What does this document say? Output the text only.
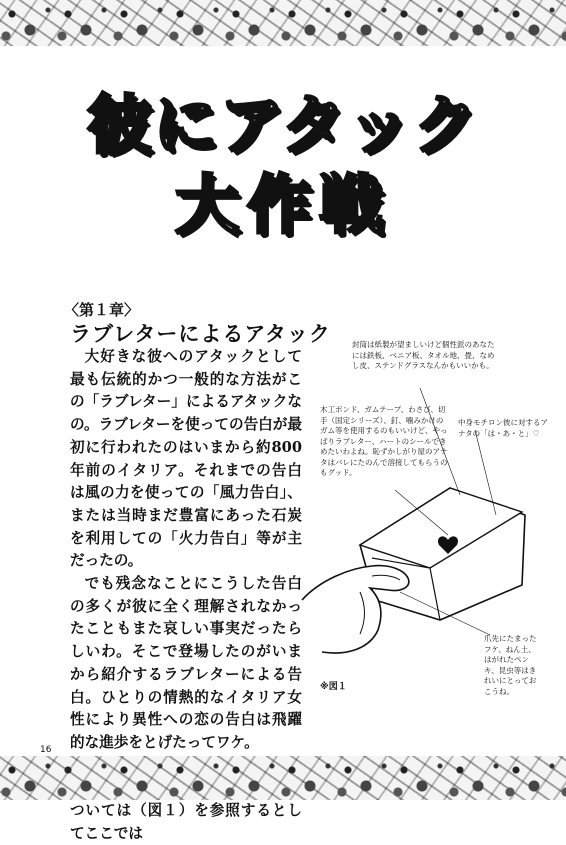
彼にアタック
大作戦
〈第１章〉
ラブレターによるアタック

大好きな彼へのアタックとして最も伝統的かつ一般的な方法がこの「ラブレター」によるアタックなの。ラブレターを使っての告白が最初に行われたのはいまから約800年前のイタリア。それまでの告白は風の力を使っての「風力告白」、または当時まだ豊富にあった石炭を利用しての「火力告白」等が主だったの。

でも残念なことにこうした告白の多くが彼に全く理解されなかったこともまた哀しい事実だったらしいわ。そこで登場したのがいまから紹介するラブレターによる告白。ひとりの情熱的なイタリア女性により異性への恋の告白は飛躍的な進歩をとげたってワケ。

ついては（図１）を参照するとしてここでは

封筒は紙製が望ましいけど個性派のあなたには鉄板、ベニア板、タオル地、畳、なめし皮、ステンドグラスなんかもいいかも。
木工ボンド、ガムテープ、わさび、切手（国定シリーズ）、釘、噛みかけのガム等を使用するのもいいけど、やっぱりラブレター、ハートのシールできめたいわよね。恥ずかしがり屋のアナタはバレにたのんで溶接してもらうのもグッド。
中身モチロン彼に対するアナタの「は・あ・と」♡
爪先にたまったフケ、ねん土、はがれたペンキ、昆虫等はきれいにとっておこうね。
※図１
16
